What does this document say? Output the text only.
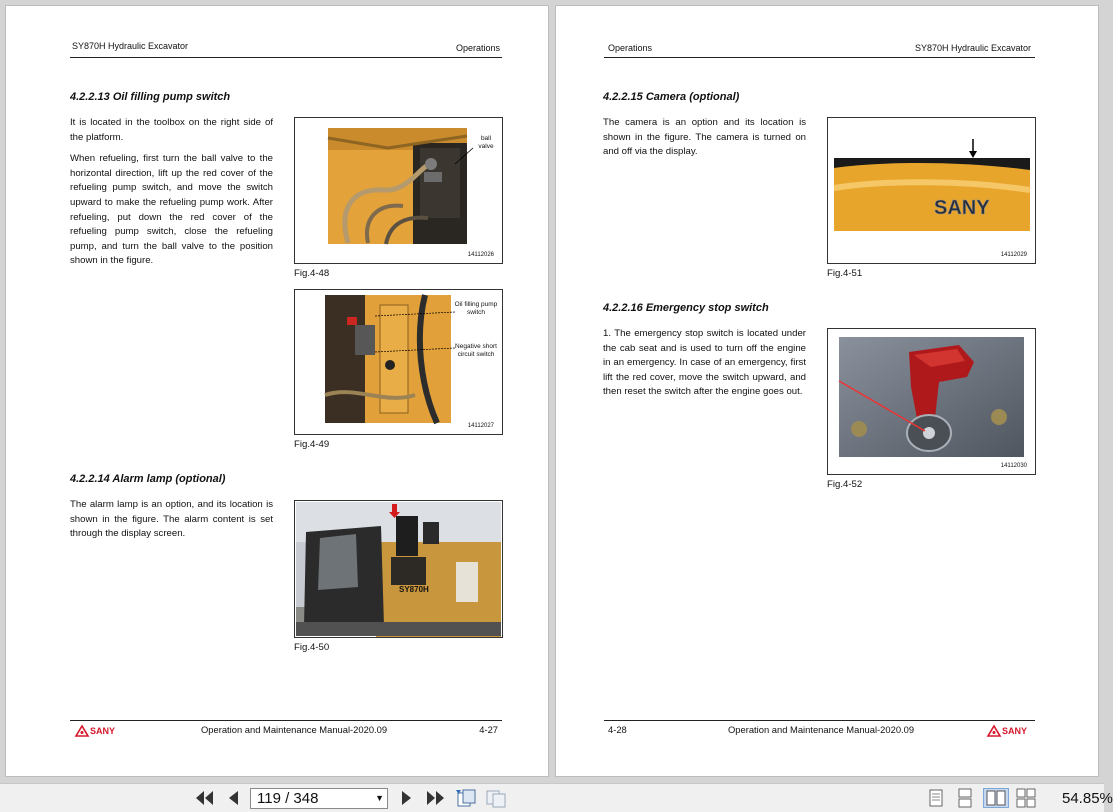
SY870H Hydraulic Excavator	Operations
4.2.2.13 Oil filling pump switch

It is located in the toolbox on the right side of the platform.

When refueling, first turn the ball valve to the horizontal direction, lift up the red cover of the refueling pump switch, and move the switch upward to make the refueling pump work. After refueling, put down the red cover of the refueling pump switch, close the refueling pump, and turn the ball valve to the position shown in the figure.

ball valve
14112026
Fig.4-48
Oil filling pump switch
Negative short circuit switch
14112027
Fig.4-49
4.2.2.14 Alarm lamp (optional)

The alarm lamp is an option, and its location is shown in the figure. The alarm content is set through the display screen.

SY870H
Fig.4-50
SANY	Operation and Maintenance Manual-2020.09	4-27
Operations	SY870H Hydraulic Excavator
4.2.2.15 Camera (optional)

The camera is an option and its location is shown in the figure. The camera is turned on and off via the display.

SANY
14112029
Fig.4-51
4.2.2.16 Emergency stop switch

1. The emergency stop switch is located under the cab seat and is used to turn off the engine in an emergency. In case of an emergency, first lift the red cover, move the switch upward, and then reset the switch after the engine goes out.

14112030
Fig.4-52
4-28	Operation and Maintenance Manual-2020.09	SANY
119 / 348	▼	54.85%
